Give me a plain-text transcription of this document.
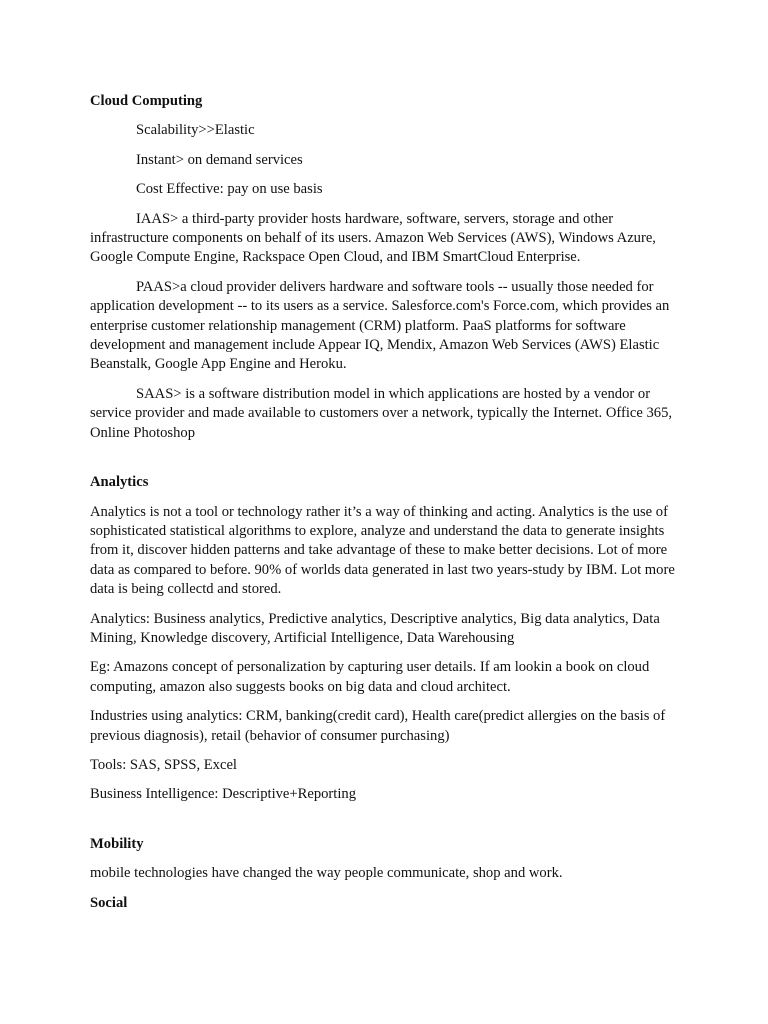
Cloud Computing
Scalability>>Elastic
Instant> on demand services
Cost Effective: pay on use basis
IAAS> a third-party provider hosts hardware, software, servers, storage and other infrastructure components on behalf of its users. Amazon Web Services (AWS), Windows Azure, Google Compute Engine, Rackspace Open Cloud, and IBM SmartCloud Enterprise.
PAAS>a cloud provider delivers hardware and software tools -- usually those needed for application development -- to its users as a service. Salesforce.com's Force.com, which provides an enterprise customer relationship management (CRM) platform. PaaS platforms for software development and management include Appear IQ, Mendix, Amazon Web Services (AWS) Elastic Beanstalk, Google App Engine and Heroku.
SAAS> is a software distribution model in which applications are hosted by a vendor or service provider and made available to customers over a network, typically the Internet. Office 365, Online Photoshop
Analytics
Analytics is not a tool or technology rather it’s a way of thinking and acting. Analytics is the use of sophisticated statistical algorithms to explore, analyze and understand the data to generate insights from it, discover hidden patterns and take advantage of these to make better decisions. Lot of more data as compared to before. 90% of worlds data generated in last two years-study by IBM. Lot more data is being collectd and stored.
Analytics: Business analytics, Predictive analytics, Descriptive analytics, Big data analytics, Data Mining, Knowledge discovery, Artificial Intelligence, Data Warehousing
Eg: Amazons concept of personalization by capturing user details. If am lookin a book on cloud computing, amazon also suggests books on big data and cloud architect.
Industries using analytics: CRM, banking(credit card), Health care(predict allergies on the basis of previous diagnosis), retail (behavior of consumer purchasing)
Tools: SAS, SPSS, Excel
Business Intelligence: Descriptive+Reporting
Mobility
mobile technologies have changed the way people communicate, shop and work.
Social
